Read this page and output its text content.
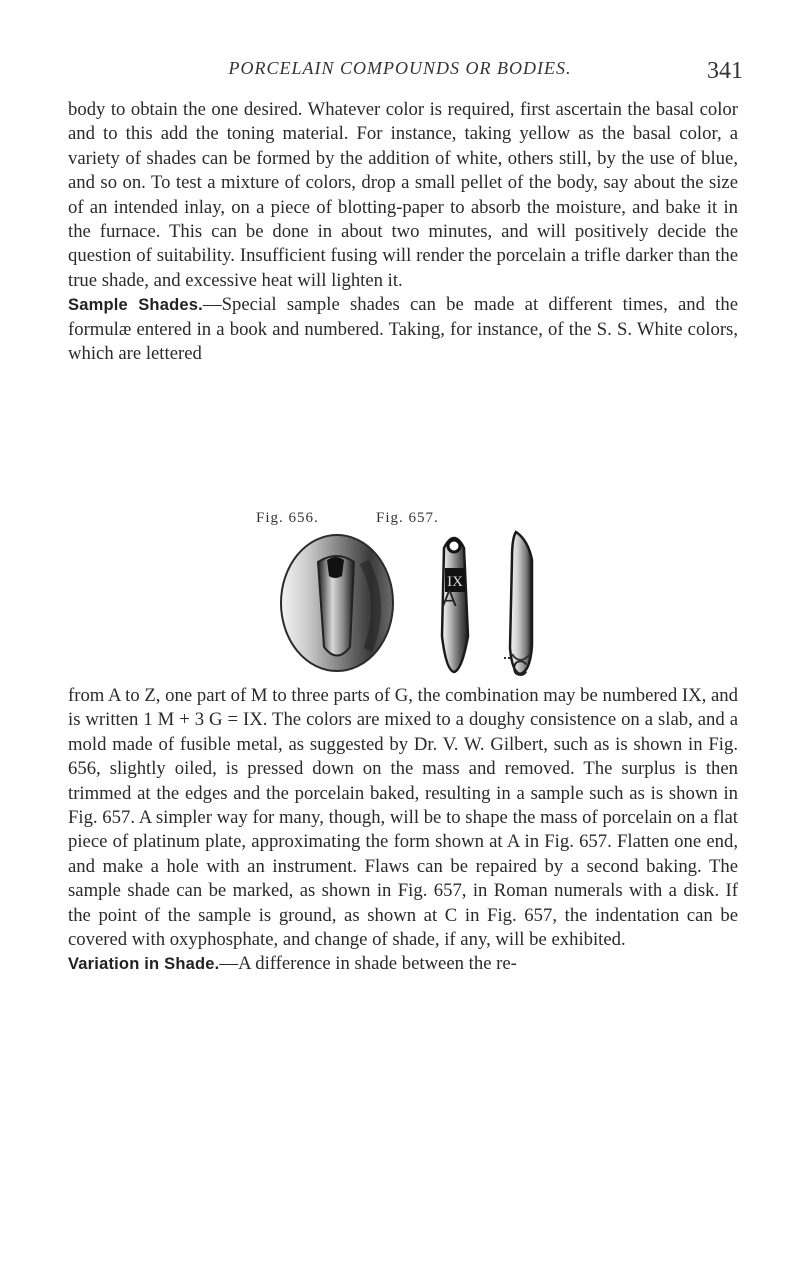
PORCELAIN COMPOUNDS OR BODIES.	341

body to obtain the one desired. Whatever color is required, first ascertain the basal color and to this add the toning material. For instance, taking yellow as the basal color, a variety of shades can be formed by the addition of white, others still, by the use of blue, and so on. To test a mixture of colors, drop a small pellet of the body, say about the size of an intended inlay, on a piece of blotting-paper to absorb the moisture, and bake it in the furnace. This can be done in about two minutes, and will positively decide the question of suitability. Insufficient fusing will render the porcelain a trifle darker than the true shade, and excessive heat will lighten it.
Sample Shades.—Special sample shades can be made at different times, and the formulæ entered in a book and numbered. Taking, for instance, of the S. S. White colors, which are lettered

Fig. 656.	Fig. 657.
IX
A
C

from A to Z, one part of M to three parts of G, the combination may be numbered IX, and is written 1 M + 3 G = IX. The colors are mixed to a doughy consistence on a slab, and a mold made of fusible metal, as suggested by Dr. V. W. Gilbert, such as is shown in Fig. 656, slightly oiled, is pressed down on the mass and removed. The surplus is then trimmed at the edges and the porcelain baked, resulting in a sample such as is shown in Fig. 657. A simpler way for many, though, will be to shape the mass of porcelain on a flat piece of platinum plate, approximating the form shown at A in Fig. 657. Flatten one end, and make a hole with an instrument. Flaws can be repaired by a second baking. The sample shade can be marked, as shown in Fig. 657, in Roman numerals with a disk. If the point of the sample is ground, as shown at C in Fig. 657, the indentation can be covered with oxyphosphate, and change of shade, if any, will be exhibited.
Variation in Shade.—A difference in shade between the re-
